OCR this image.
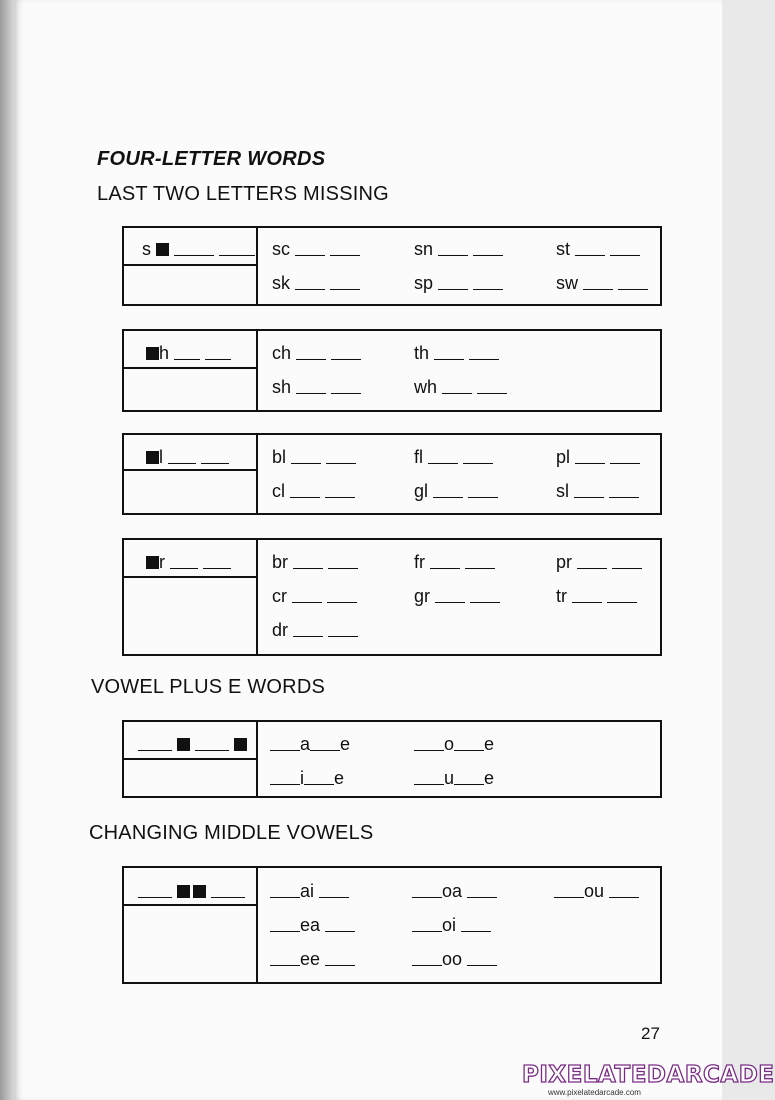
FOUR-LETTER WORDS
LAST TWO LETTERS MISSING
s	sc	sn	st
sk	sp	sw
h	ch	th
sh	wh
l	bl	fl	pl
cl	gl	sl
r	br	fr	pr
cr	gr	tr
dr
VOWEL PLUS E WORDS

a e	o e
i e	u e
CHANGING MIDDLE VOWELS

ai	oa	ou
ea	oi
ee	oo
27
PIXELATEDARCADE
www.pixelatedarcade.com
